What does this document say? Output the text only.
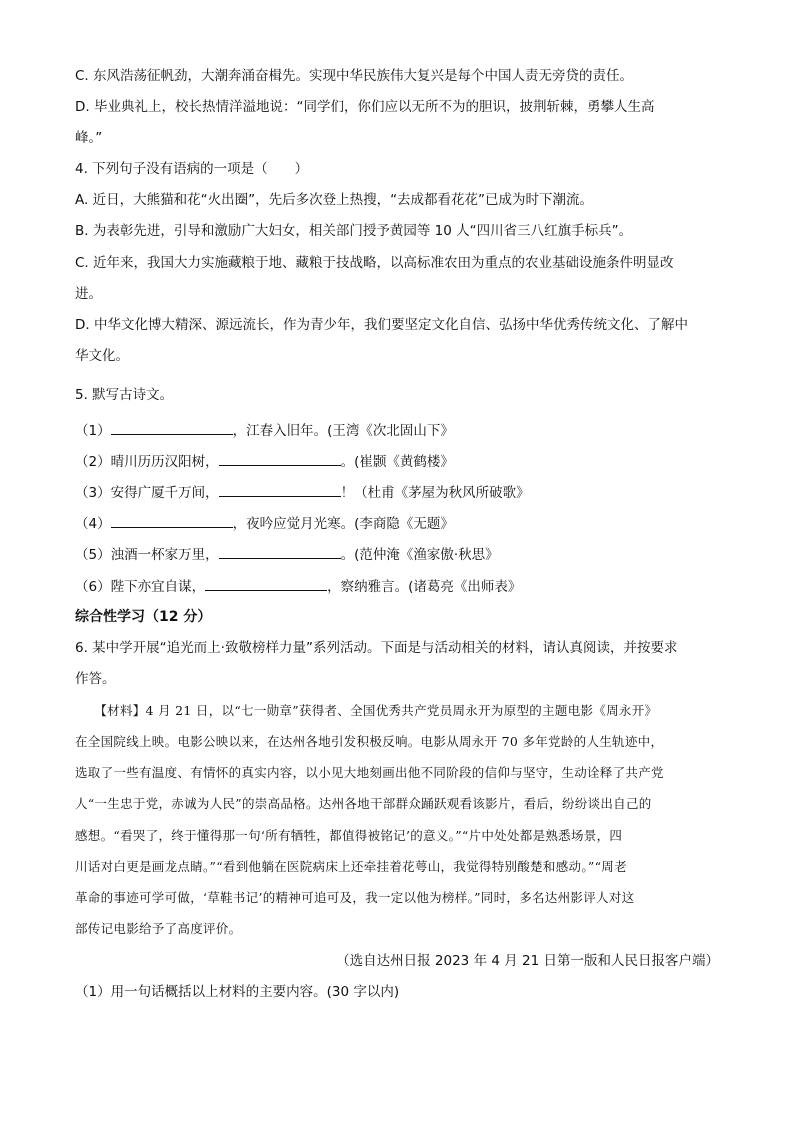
C. 东风浩荡征帆劲，大潮奔涌奋楫先。实现中华民族伟大复兴是每个中国人责无旁贷的责任。
D. 毕业典礼上，校长热情洋溢地说：“同学们，你们应以无所不为的胆识，披荆斩棘，勇攀人生高
峰。”
4. 下列句子没有语病的一项是（　　）
A. 近日，大熊猫和花“火出圈”，先后多次登上热搜，“去成都看花花”已成为时下潮流。
B. 为表彰先进，引导和激励广大妇女，相关部门授予黄园等 10 人“四川省三八红旗手标兵”。
C. 近年来，我国大力实施藏粮于地、藏粮于技战略，以高标准农田为重点的农业基础设施条件明显改
进。
D. 中华文化博大精深、源远流长，作为青少年，我们要坚定文化自信、弘扬中华优秀传统文化、了解中
华文化。
5. 默写古诗文。
（1）	，江春入旧年。(王湾《次北固山下》
（2）晴川历历汉阳树，	。(崔颢《黄鹤楼》
（3）安得广厦千万间，	！（杜甫《茅屋为秋风所破歌》
（4）	，夜吟应觉月光寒。(李商隐《无题》
（5）浊酒一杯家万里，	。(范仲淹《渔家傲·秋思》
（6）陛下亦宜自谋，	，察纳雅言。(诸葛亮《出师表》
综合性学习（12 分）
6. 某中学开展“追光而上·致敬榜样力量”系列活动。下面是与活动相关的材料，请认真阅读，并按要求
作答。
　　【材料】4 月 21 日，以“七一勋章”获得者、全国优秀共产党员周永开为原型的主题电影《周永开》
在全国院线上映。电影公映以来，在达州各地引发积极反响。电影从周永开 70 多年党龄的人生轨迹中，
选取了一些有温度、有情怀的真实内容，以小见大地刻画出他不同阶段的信仰与坚守，生动诠释了共产党
人“一生忠于党，赤诚为人民”的崇高品格。达州各地干部群众踊跃观看该影片，看后，纷纷谈出自己的
感想。“看哭了，终于懂得那一句‘所有牺牲，都值得被铭记’的意义。”“片中处处都是熟悉场景，四
川话对白更是画龙点睛。”“看到他躺在医院病床上还牵挂着花萼山，我觉得特别酸楚和感动。”“周老
革命的事迹可学可做，‘草鞋书记’的精神可追可及，我一定以他为榜样。”同时，多名达州影评人对这
部传记电影给予了高度评价。
（选自达州日报 2023 年 4 月 21 日第一版和人民日报客户端）
（1）用一句话概括以上材料的主要内容。(30 字以内)
